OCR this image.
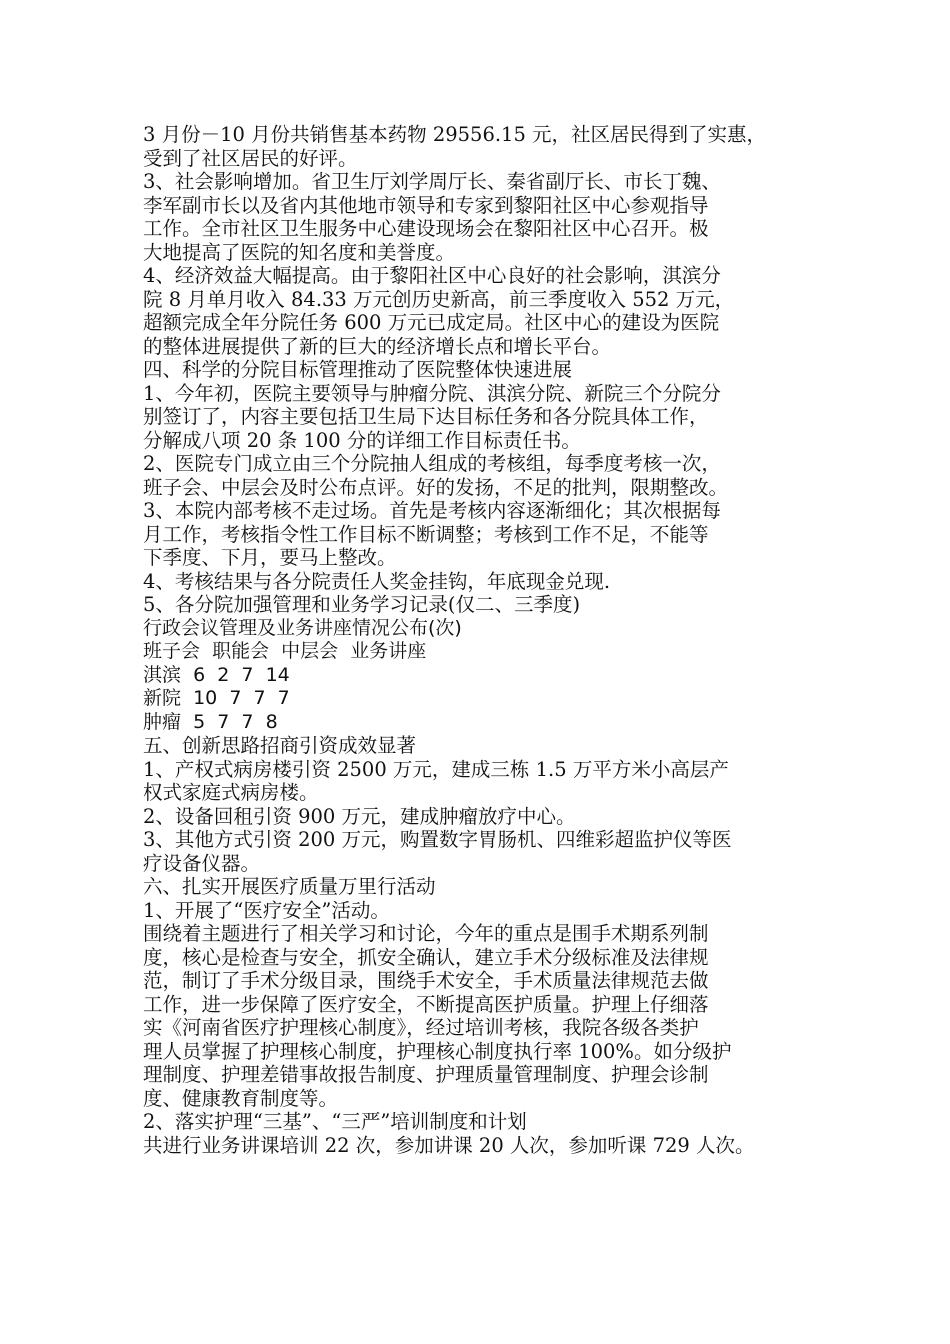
3 月份－10 月份共销售基本药物 29556.15 元，社区居民得到了实惠，
受到了社区居民的好评。
3、社会影响增加。省卫生厅刘学周厅长、秦省副厅长、市长丁魏、
李军副市长以及省内其他地市领导和专家到黎阳社区中心参观指导
工作。全市社区卫生服务中心建设现场会在黎阳社区中心召开。极
大地提高了医院的知名度和美誉度。
4、经济效益大幅提高。由于黎阳社区中心良好的社会影响，淇滨分
院 8 月单月收入 84.33 万元创历史新高，前三季度收入 552 万元，
超额完成全年分院任务 600 万元已成定局。社区中心的建设为医院
的整体进展提供了新的巨大的经济增长点和增长平台。
四、科学的分院目标管理推动了医院整体快速进展
1、今年初，医院主要领导与肿瘤分院、淇滨分院、新院三个分院分
别签订了，内容主要包括卫生局下达目标任务和各分院具体工作，
分解成八项 20 条 100 分的详细工作目标责任书。
2、医院专门成立由三个分院抽人组成的考核组，每季度考核一次，
班子会、中层会及时公布点评。好的发扬，不足的批判，限期整改。
3、本院内部考核不走过场。首先是考核内容逐渐细化；其次根据每
月工作，考核指令性工作目标不断调整；考核到工作不足，不能等
下季度、下月，要马上整改。
4、考核结果与各分院责任人奖金挂钩，年底现金兑现.
5、各分院加强管理和业务学习记录(仅二、三季度)
行政会议管理及业务讲座情况公布(次)
班子会  职能会  中层会  业务讲座
淇滨  6  2  7  14
新院  10  7  7  7
肿瘤  5  7  7  8
五、创新思路招商引资成效显著
1、产权式病房楼引资 2500 万元，建成三栋 1.5 万平方米小高层产
权式家庭式病房楼。
2、设备回租引资 900 万元，建成肿瘤放疗中心。
3、其他方式引资 200 万元，购置数字胃肠机、四维彩超监护仪等医
疗设备仪器。
六、扎实开展医疗质量万里行活动
1、开展了“医疗安全”活动。
围绕着主题进行了相关学习和讨论，今年的重点是围手术期系列制
度，核心是检查与安全，抓安全确认，建立手术分级标准及法律规
范，制订了手术分级目录，围绕手术安全，手术质量法律规范去做
工作，进一步保障了医疗安全，不断提高医护质量。护理上仔细落
实《河南省医疗护理核心制度》，经过培训考核，我院各级各类护
理人员掌握了护理核心制度，护理核心制度执行率 100%。如分级护
理制度、护理差错事故报告制度、护理质量管理制度、护理会诊制
度、健康教育制度等。
2、落实护理“三基”、“三严”培训制度和计划
共进行业务讲课培训 22 次，参加讲课 20 人次，参加听课 729 人次。
